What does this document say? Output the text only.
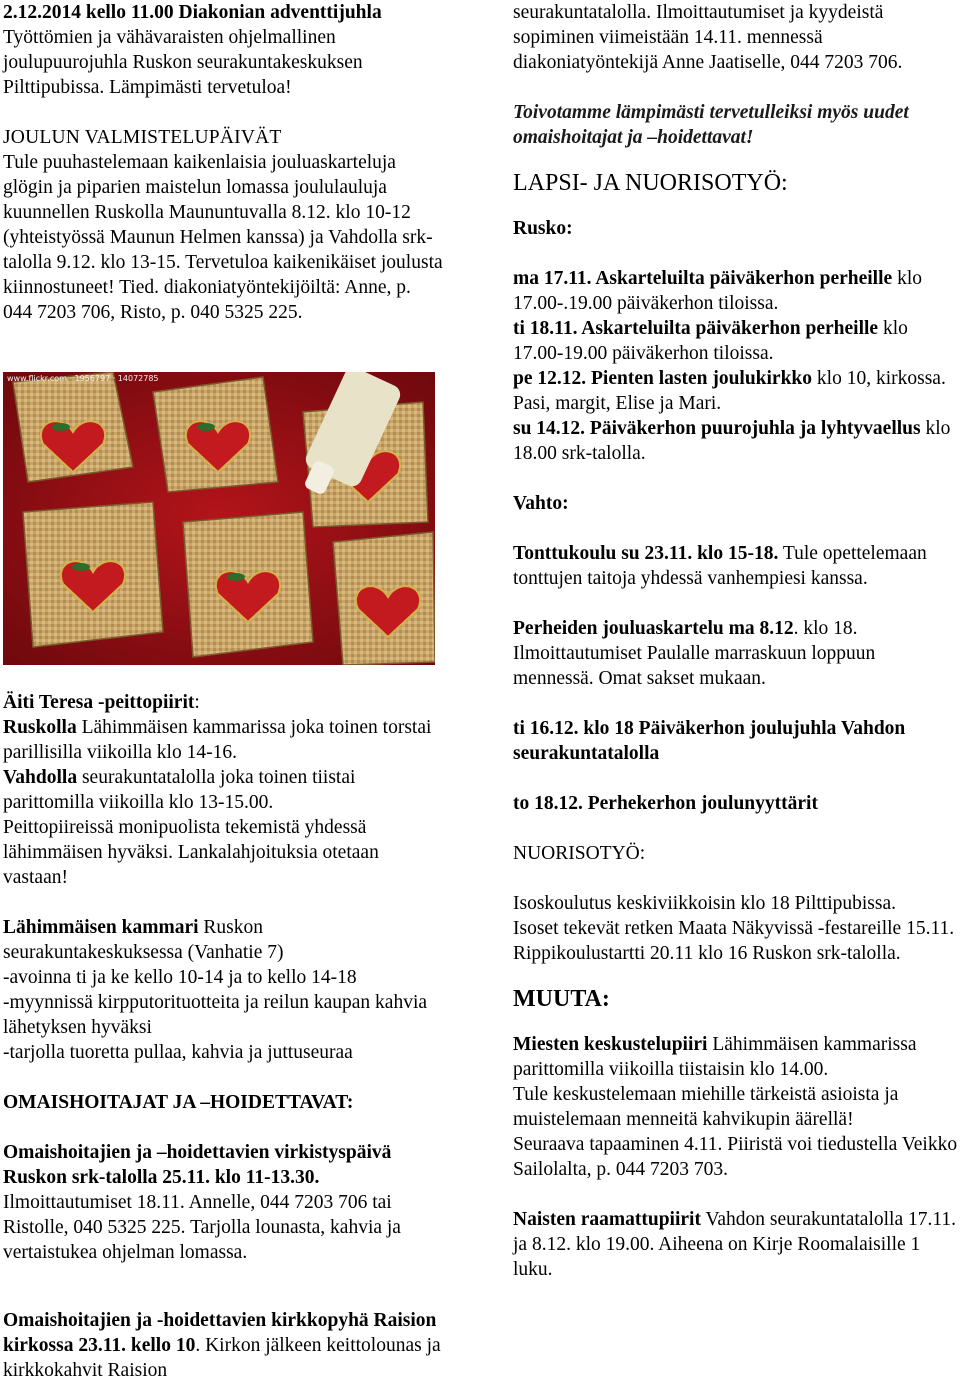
2.12.2014 kello 11.00 Diakonian adventtijuhla
Työttömien ja vähävaraisten ohjelmallinen joulupuurojuhla Ruskon seurakuntakeskuksen Pilttipubissa. Lämpimästi tervetuloa!

JOULUN VALMISTELUPÄIVÄT
Tule puuhastelemaan kaikenlaisia jouluaskarteluja glögin ja piparien maistelun lomassa joululauluja kuunnellen Ruskolla Maununtuvalla 8.12. klo 10-12 (yhteistyössä Maunun Helmen kanssa) ja Vahdolla srk-talolla 9.12. klo 13-15. Tervetuloa kaikenikäiset joulusta kiinnostuneet! Tied. diakoniatyöntekijöiltä: Anne, p. 044 7203 706, Risto, p. 040 5325 225.

www.flickr.com · 1956797 · 14072785

Äiti Teresa -peittopiirit:
Ruskolla Lähimmäisen kammarissa joka toinen torstai parillisilla viikoilla klo 14-16.
Vahdolla seurakuntatalolla joka toinen tiistai parittomilla viikoilla klo 13-15.00.
Peittopiireissä monipuolista tekemistä yhdessä lähimmäisen hyväksi. Lankalahjoituksia otetaan vastaan!

Lähimmäisen kammari Ruskon seurakuntakeskuksessa (Vanhatie 7)
-avoinna ti ja ke kello 10-14 ja to kello 14-18
-myynnissä kirpputorituotteita ja reilun kaupan kahvia lähetyksen hyväksi
-tarjolla tuoretta pullaa, kahvia ja juttuseuraa

OMAISHOITAJAT JA –HOIDETTAVAT:

Omaishoitajien ja –hoidettavien virkistyspäivä Ruskon srk-talolla 25.11. klo 11-13.30. Ilmoittautumiset 18.11. Annelle, 044 7203 706 tai Ristolle, 040 5325 225. Tarjolla lounasta, kahvia ja vertaistukea ohjelman lomassa.

Omaishoitajien ja -hoidettavien kirkkopyhä Raision kirkossa 23.11. kello 10. Kirkon jälkeen keittolounas ja kirkkokahvit Raision

seurakuntatalolla. Ilmoittautumiset ja kyydeistä sopiminen viimeistään 14.11. mennessä diakoniatyöntekijä Anne Jaatiselle, 044 7203 706.

Toivotamme lämpimästi tervetulleiksi myös uudet omaishoitajat ja –hoidettavat!

LAPSI- JA NUORISOTYÖ:

Rusko:

ma 17.11. Askarteluilta päiväkerhon perheille klo 17.00-.19.00 päiväkerhon tiloissa.
ti 18.11. Askarteluilta päiväkerhon perheille klo 17.00-19.00 päiväkerhon tiloissa.
pe 12.12. Pienten lasten joulukirkko klo 10, kirkossa. Pasi, margit, Elise ja Mari.
su 14.12. Päiväkerhon puurojuhla ja lyhtyvaellus klo 18.00 srk-talolla.

Vahto:

Tonttukoulu su 23.11. klo 15-18. Tule opettelemaan tonttujen taitoja yhdessä vanhempiesi kanssa.

Perheiden jouluaskartelu ma 8.12. klo 18. Ilmoittautumiset Paulalle marraskuun loppuun mennessä. Omat sakset mukaan.

ti 16.12. klo 18 Päiväkerhon joulujuhla Vahdon seurakuntatalolla

to 18.12. Perhekerhon joulunyyttärit

NUORISOTYÖ:

Isoskoulutus keskiviikkoisin klo 18 Pilttipubissa.
Isoset tekevät retken Maata Näkyvissä -festareille 15.11.
Rippikoulustartti 20.11 klo 16 Ruskon srk-talolla.

MUUTA:

Miesten keskustelupiiri Lähimmäisen kammarissa parittomilla viikoilla tiistaisin klo 14.00.
Tule keskustelemaan miehille tärkeistä asioista ja muistelemaan menneitä kahvikupin äärellä!
Seuraava tapaaminen 4.11. Piiristä voi tiedustella Veikko Sailolalta, p. 044 7203 703.

Naisten raamattupiirit Vahdon seurakuntatalolla 17.11. ja 8.12. klo 19.00. Aiheena on Kirje Roomalaisille 1 luku.
